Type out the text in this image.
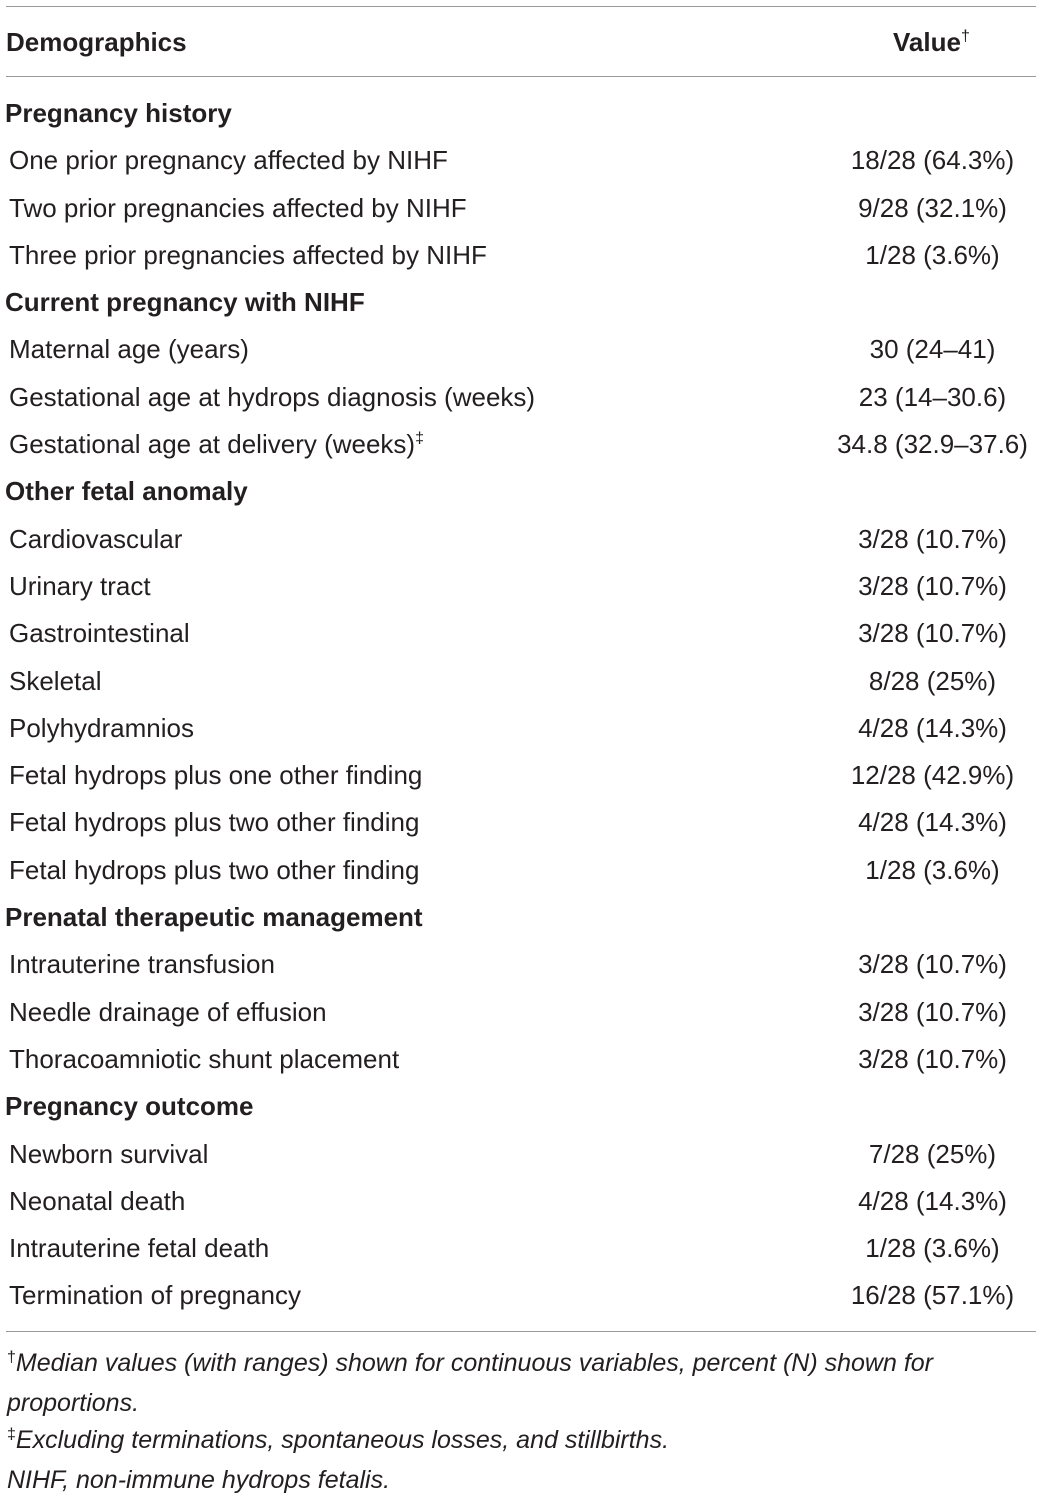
Demographics	Value†
Pregnancy history
One prior pregnancy affected by NIHF	18/28 (64.3%)
Two prior pregnancies affected by NIHF	9/28 (32.1%)
Three prior pregnancies affected by NIHF	1/28 (3.6%)
Current pregnancy with NIHF
Maternal age (years)	30 (24–41)
Gestational age at hydrops diagnosis (weeks)	23 (14–30.6)
Gestational age at delivery (weeks)‡	34.8 (32.9–37.6)
Other fetal anomaly
Cardiovascular	3/28 (10.7%)
Urinary tract	3/28 (10.7%)
Gastrointestinal	3/28 (10.7%)
Skeletal	8/28 (25%)
Polyhydramnios	4/28 (14.3%)
Fetal hydrops plus one other finding	12/28 (42.9%)
Fetal hydrops plus two other finding	4/28 (14.3%)
Fetal hydrops plus two other finding	1/28 (3.6%)
Prenatal therapeutic management
Intrauterine transfusion	3/28 (10.7%)
Needle drainage of effusion	3/28 (10.7%)
Thoracoamniotic shunt placement	3/28 (10.7%)
Pregnancy outcome
Newborn survival	7/28 (25%)
Neonatal death	4/28 (14.3%)
Intrauterine fetal death	1/28 (3.6%)
Termination of pregnancy	16/28 (57.1%)

†Median values (with ranges) shown for continuous variables, percent (N) shown for proportions.

‡Excluding terminations, spontaneous losses, and stillbirths.

NIHF, non-immune hydrops fetalis.
